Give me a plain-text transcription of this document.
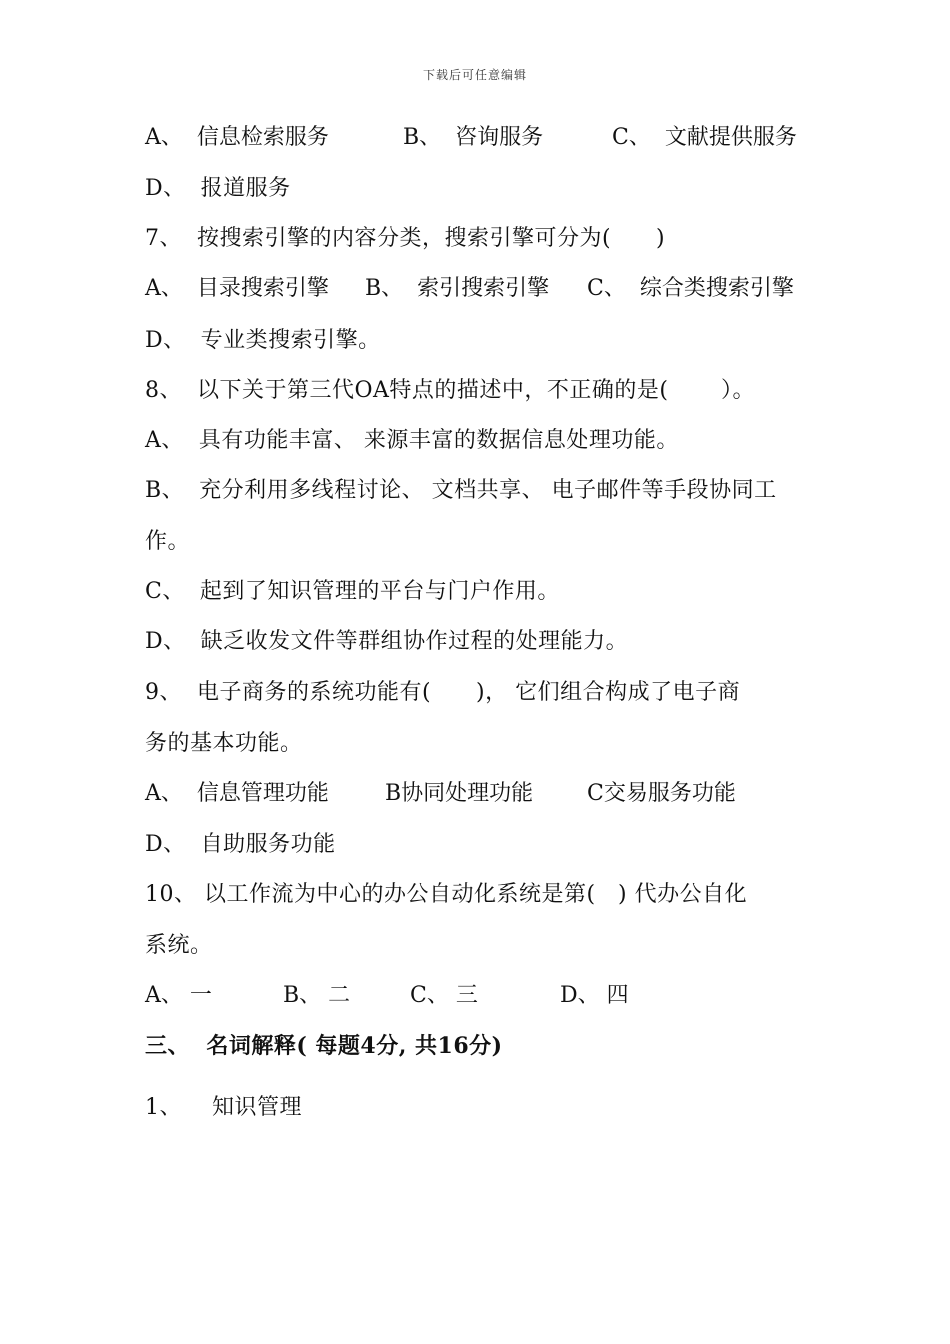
下载后可任意编辑

A、  信息检索服务

	B、  咨询服务

	C、  文献提供服务

D、  报道服务
7、  按搜索引擎的内容分类，搜索引擎可分为(      )

A、  目录搜索引擎

B、  索引搜索引擎

C、  综合类搜索引擎

D、  专业类搜索引擎。
8、  以下关于第三代OA特点的描述中，不正确的是(       ）。
A、  具有功能丰富、 来源丰富的数据信息处理功能。
B、  充分利用多线程讨论、 文档共享、 电子邮件等手段协同工
作。
C、  起到了知识管理的平台与门户作用。
D、  缺乏收发文件等群组协作过程的处理能力。
9、  电子商务的系统功能有(      )， 它们组合构成了电子商
务的基本功能。

A、  信息管理功能

	B协同处理功能

C交易服务功能

D、  自助服务功能
10、 以工作流为中心的办公自动化系统是第(   ) 代办公自化
系统。

A、 一

	B、 二

	C、 三

	D、 四

三、  名词解释( 每题4分, 共16分)
1、    知识管理
